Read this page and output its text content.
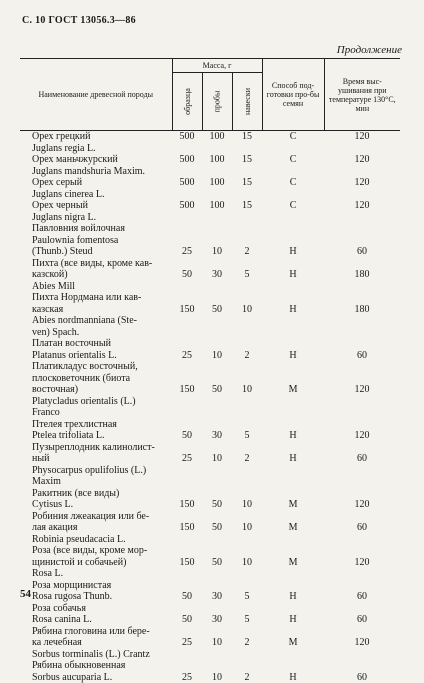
С. 10 ГОСТ 13056.3—86
Продолжение
Наименование древесной породы	Масса, г			Способ под-готовки про-бы семян	Время выс-ушивания при температуре 130°С, мин
	образца	пробы	навески		

Орех грецкий	500	100	15	С	120

Juglans regia L.					

Орех маньчжурский	500	100	15	С	120

Juglans mandshuria Maxim.					

Орех серый	500	100	15	С	120

Juglans cinerea L.					

Орех черный	500	100	15	С	120

Juglans nigra L.					

Павловния войлочная
Paulownia fomentosa
(Thunb.) Steud	25	10	2	Н	60

Пихта (все виды, кроме кав-
казской)	50	30	5	Н	180

Abies Mill					

Пихта Нордмана или кав-
казская	150	50	10	Н	180

Abies nordmanniana (Ste-
ven) Spach.					

Платан восточный
Platanus orientalis L.	25	10	2	Н	60

Платикладус восточный,
плосковеточник (биота восточная)	150	50	10	М	120

Platycladus orientalis (L.)
Franco					

Птелея трехлистная
Ptelea trifoliata L.	50	30	5	Н	120

Пузыреплодник калинолист-
ный	25	10	2	Н	60

Physocarpus opulifolius (L.)
Maxim					

Ракитник (все виды)
Cytisus L.	150	50	10	М	120

Робиния лжеакация или бе-
лая акация	150	50	10	М	60

Robinia pseudacacia L.					

Роза (все виды, кроме мор-
щинистой и собачьей)	150	50	10	М	120

Rosa L.					

Роза морщинистая
Rosa rugosa Thunb.	50	30	5	Н	60

Роза собачья
Rosa canina L.	50	30	5	Н	60

Рябина глоговина или бере-
ка лечебная	25	10	2	М	120

Sorbus torminalis (L.) Crantz					

Рябина обыкновенная
Sorbus aucuparia L.	25	10	2	Н	60
54
